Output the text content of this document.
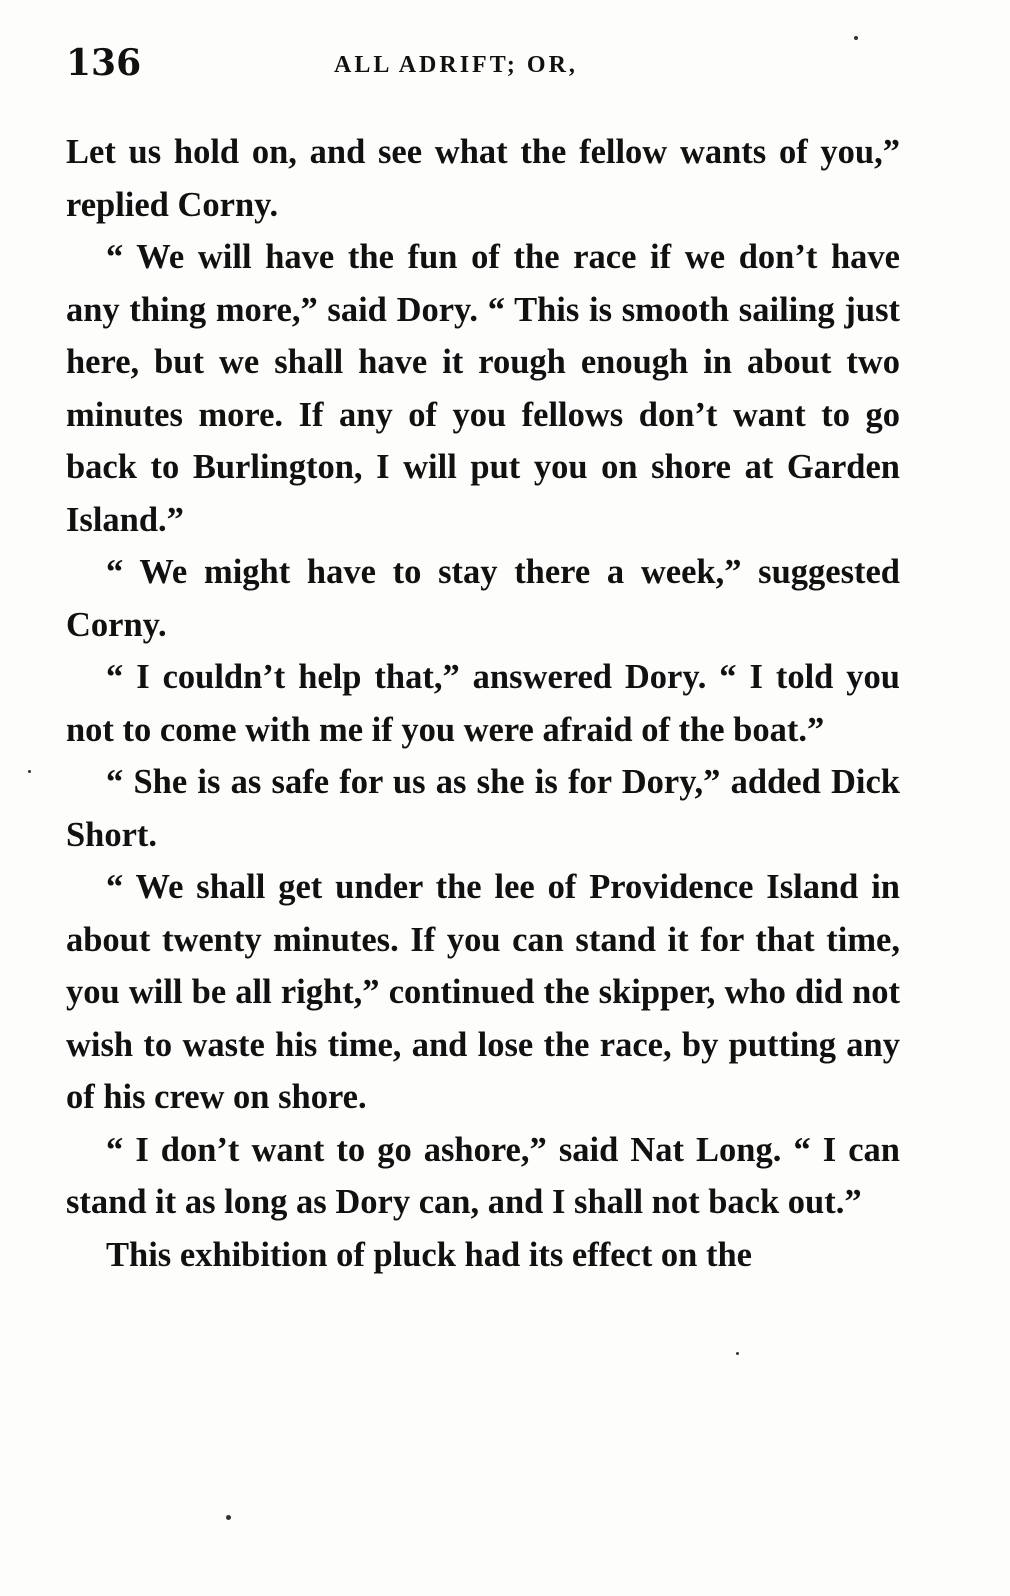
136	ALL ADRIFT; OR,

Let us hold on, and see what the fellow wants of you,” replied Corny.

“ We will have the fun of the race if we don’t have any thing more,” said Dory. “ This is smooth sailing just here, but we shall have it rough enough in about two minutes more. If any of you fellows don’t want to go back to Burlington, I will put you on shore at Garden Island.”

“ We might have to stay there a week,” suggested Corny.

“ I couldn’t help that,” answered Dory. “ I told you not to come with me if you were afraid of the boat.”

“ She is as safe for us as she is for Dory,” added Dick Short.

“ We shall get under the lee of Providence Island in about twenty minutes. If you can stand it for that time, you will be all right,” continued the skipper, who did not wish to waste his time, and lose the race, by putting any of his crew on shore.

“ I don’t want to go ashore,” said Nat Long. “ I can stand it as long as Dory can, and I shall not back out.”

This exhibition of pluck had its effect on the
